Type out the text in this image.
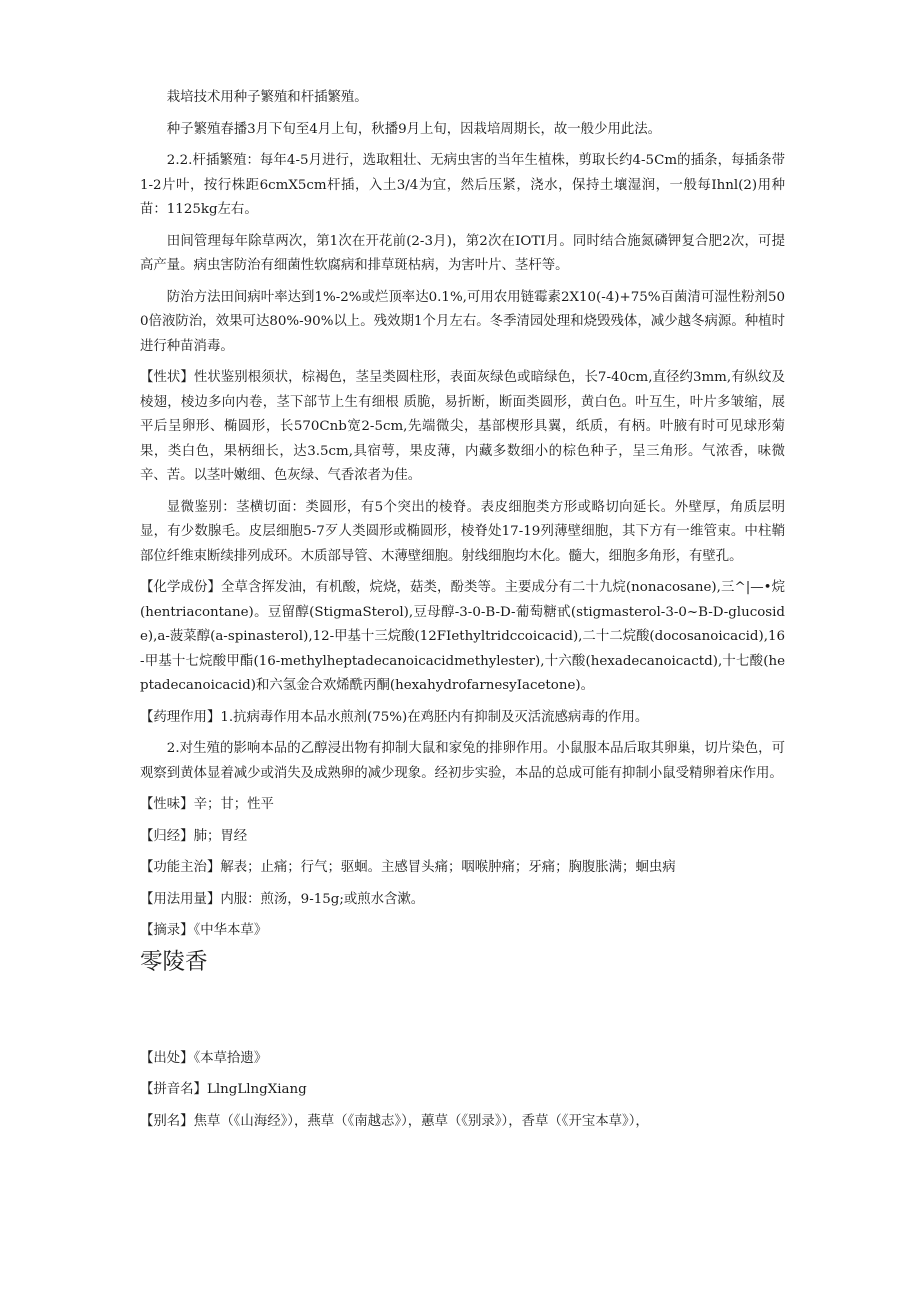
栽培技术用种子繁殖和杆插繁殖。

种子繁殖春播3月下旬至4月上旬，秋播9月上旬，因栽培周期长，故一般少用此法。

2.2.杆插繁殖：每年4-5月进行，选取粗壮、无病虫害的当年生植株，剪取长约4-5Cm的插条，每插条带1-2片叶，按行株距6cmX5cm杆插，入土3/4为宜，然后压紧，浇水，保持土壤湿润，一般每Ihnl(2)用种苗：1125kg左右。

田间管理每年除草两次，第1次在开花前(2-3月)，第2次在IOTI月。同时结合施氮磷钾复合肥2次，可提高产量。病虫害防治有细菌性软腐病和排草斑枯病，为害叶片、茎杆等。

防治方法田间病叶率达到1%-2%或烂顶率达0.1%,可用农用链霉素2X10(-4)+75%百菌清可湿性粉剂500倍液防治，效果可达80%-90%以上。残效期1个月左右。冬季清园处理和烧毁残体，减少越冬病源。种植时进行种苗消毒。

【性状】性状鉴别根须状，棕褐色，茎呈类圆柱形，表面灰绿色或暗绿色，长7-40cm,直径约3mm,有纵纹及棱翅，棱边多向内卷，茎下部节上生有细根 质脆，易折断，断面类圆形，黄白色。叶互生，叶片多皱缩，展平后呈卵形、椭圆形，长570Cnb宽2-5cm,先端微尖，基部楔形具翼，纸质，有柄。叶腋有时可见球形菊果，类白色，果柄细长，达3.5cm,具宿萼，果皮薄，内藏多数细小的棕色种子，呈三角形。气浓香，味微辛、苦。以茎叶嫩细、色灰绿、气香浓者为佳。

显微鉴别：茎横切面：类圆形，有5个突出的棱脊。表皮细胞类方形或略切向延长。外壁厚，角质层明显，有少数腺毛。皮层细胞5-7歹人类圆形或椭圆形，棱脊处17-19列薄壁细胞，其下方有一维管束。中柱鞘部位纤维束断续排列成环。木质部导管、木薄壁细胞。射线细胞均木化。髓大，细胞多角形，有壁孔。

【化学成份】全草含挥发油，有机酸，烷烧，菇类，酚类等。主要成分有二十九烷(nonacosane),三^|—•烷(hentriacontane)。豆留醇(StigmaSterol),豆母醇-3-0-B-D-葡萄糖甙(stigmasterol-3-0~B-D-glucoside),a-菠菜醇(a-spinasterol),12-甲基十三烷酸(12FIethyltridccoicacid),二十二烷酸(docosanoicacid),16-甲基十七烷酸甲酯(16-methylheptadecanoicacidmethylester),十六酸(hexadecanoicactd),十七酸(heptadecanoicacid)和六氢金合欢烯酰丙酮(hexahydrofarnesyIacetone)。

【药理作用】1.抗病毒作用本品水煎剂(75%)在鸡胚内有抑制及灭活流感病毒的作用。

2.对生殖的影响本品的乙醇浸出物有抑制大鼠和家兔的排卵作用。小鼠服本品后取其卵巢，切片染色，可观察到黄体显着减少或消失及成熟卵的减少现象。经初步实验，本品的总成可能有抑制小鼠受精卵着床作用。

【性味】辛；甘；性平

【归经】肺；胃经

【功能主治】解表；止痛；行气；驱蛔。主感冒头痛；咽喉肿痛；牙痛；胸腹胀满；蛔虫病

【用法用量】内服：煎汤，9-15g;或煎水含漱。

【摘录】《中华本草》

零陵香

【出处】《本草拾遗》

【拼音名】LlngLlngXiang

【别名】焦草（《山海经》），燕草（《南越志》），蕙草（《别录》），香草（《开宝本草》），
